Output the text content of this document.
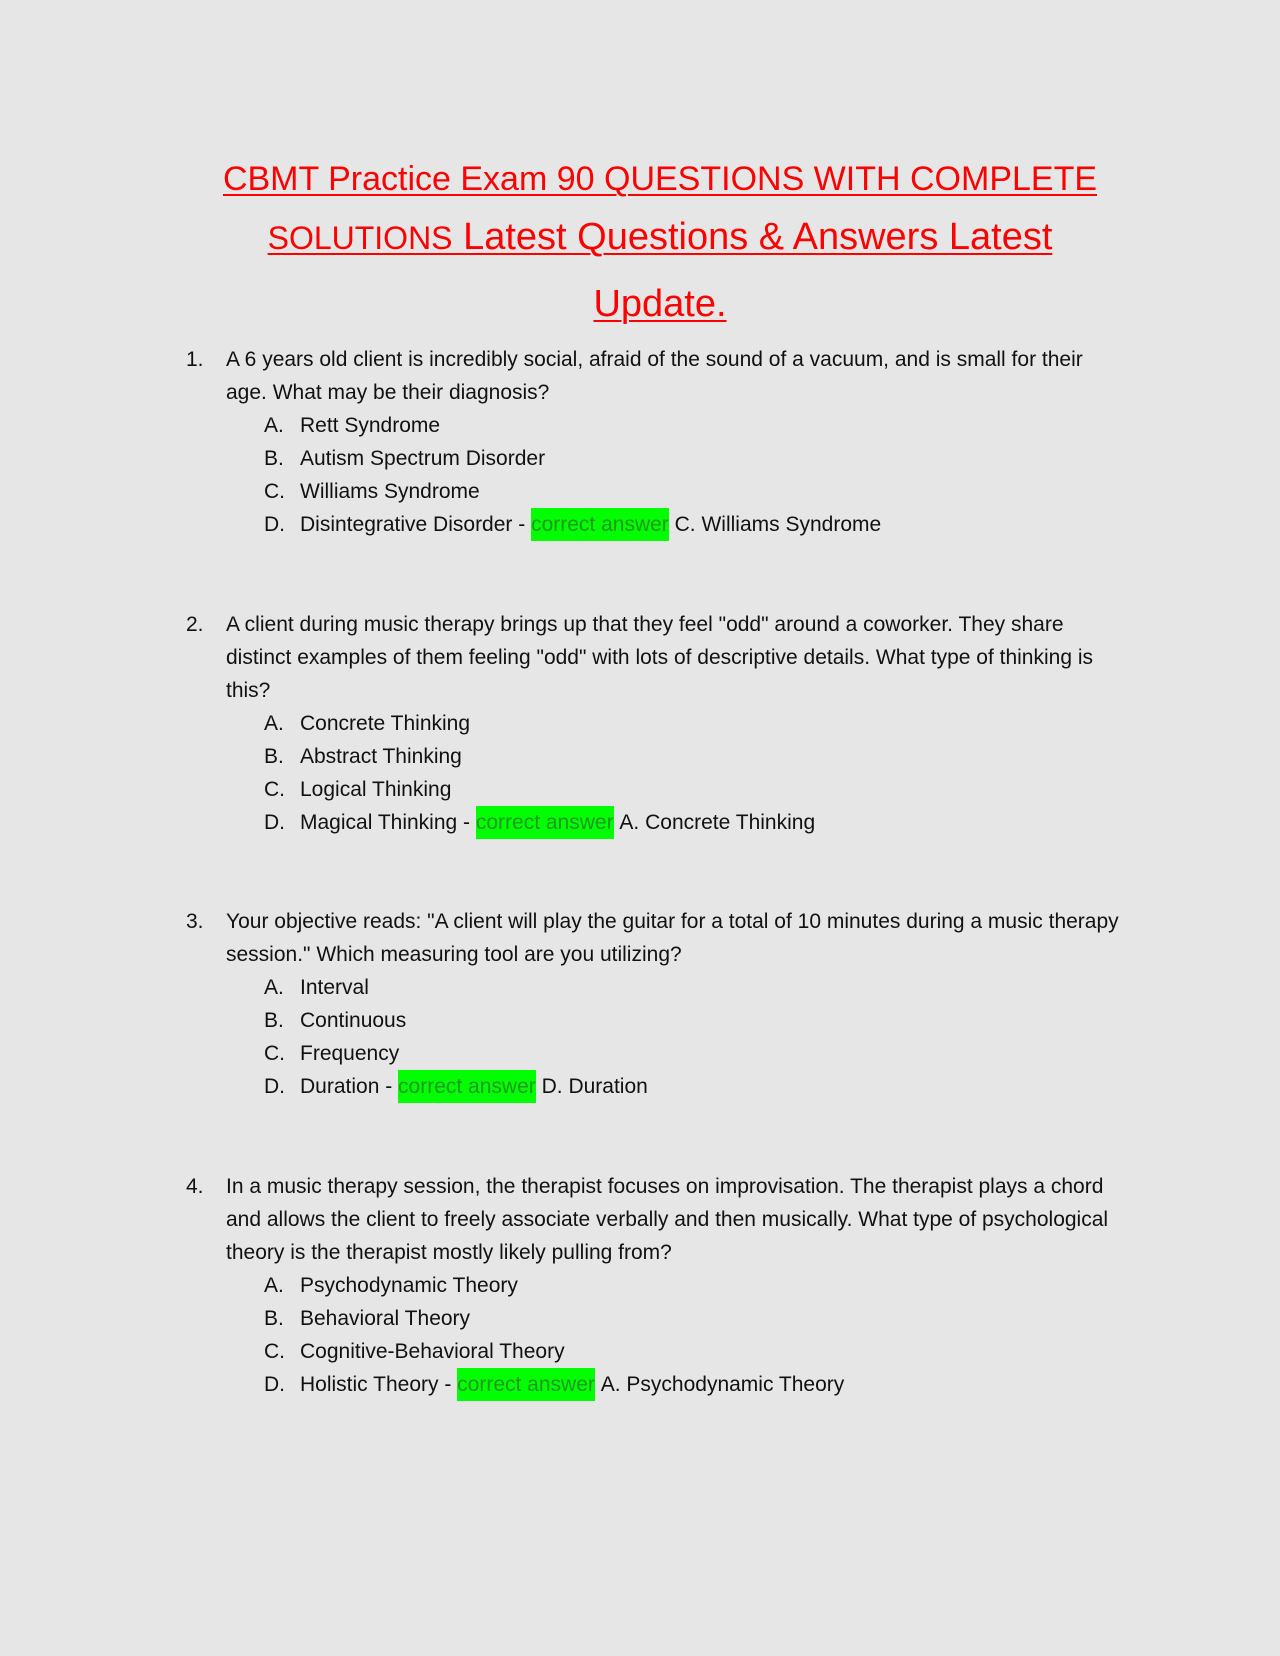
CBMT Practice Exam 90 QUESTIONS WITH COMPLETE
SOLUTIONS Latest Questions & Answers Latest
Update.
1.	A 6 years old client is incredibly social, afraid of the sound of a vacuum, and is small for their age. What may be their diagnosis?
A. Rett Syndrome
B. Autism Spectrum Disorder
C. Williams Syndrome
D. Disintegrative Disorder - correct answer
C. Williams Syndrome
2.	A client during music therapy brings up that they feel "odd" around a coworker. They share distinct examples of them feeling "odd" with lots of descriptive details. What type of thinking is this?
A. Concrete Thinking
B. Abstract Thinking
C. Logical Thinking
D. Magical Thinking - correct answer
A. Concrete Thinking
3.	Your objective reads: "A client will play the guitar for a total of 10 minutes during a music therapy session." Which measuring tool are you utilizing?
A. Interval
B. Continuous
C. Frequency
D. Duration - correct answer
D. Duration
4.	In a music therapy session, the therapist focuses on improvisation. The therapist plays a chord and allows the client to freely associate verbally and then musically. What type of psychological theory is the therapist mostly likely pulling from?
A. Psychodynamic Theory
B. Behavioral Theory
C. Cognitive-Behavioral Theory
D. Holistic Theory - correct answer
A. Psychodynamic Theory
